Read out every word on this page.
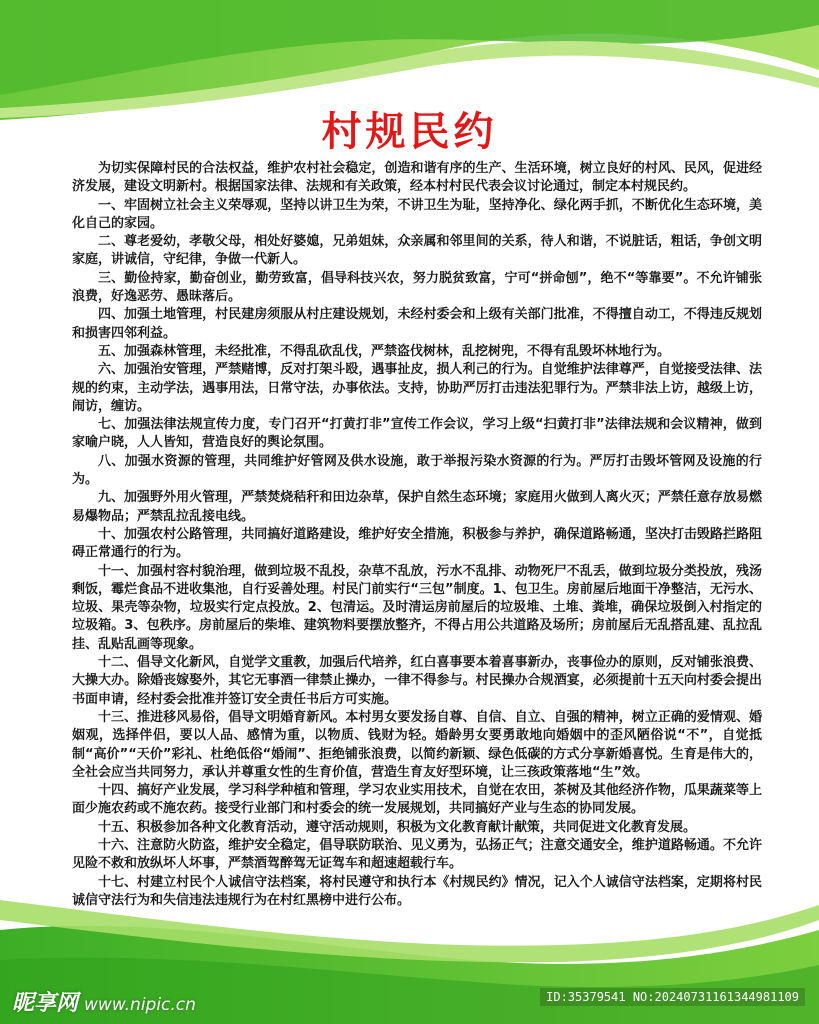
村规民约

为切实保障村民的合法权益，维护农村社会稳定，创造和谐有序的生产、生活环境，树立良好的村风、民风，促进经济发展，建设文明新村。根据国家法律、法规和有关政策，经本村村民代表会议讨论通过，制定本村规民约。

一、牢固树立社会主义荣辱观，坚持以讲卫生为荣，不讲卫生为耻，坚持净化、绿化两手抓，不断优化生态环境，美化自己的家园。

二、尊老爱幼，孝敬父母，相处好婆媳，兄弟姐妹，众亲属和邻里间的关系，待人和谐，不说脏话，粗话，争创文明家庭，讲诚信，守纪律，争做一代新人。

三、勤俭持家，勤奋创业，勤劳致富，倡导科技兴农，努力脱贫致富，宁可“拼命刨”，绝不“等靠要”。不允许铺张浪费，好逸恶劳、愚昧落后。

四、加强土地管理，村民建房须服从村庄建设规划，未经村委会和上级有关部门批准，不得擅自动工，不得违反规划和损害四邻利益。

五、加强森林管理，未经批准，不得乱砍乱伐，严禁盗伐树林，乱挖树兜，不得有乱毁坏林地行为。

六、加强治安管理，严禁赌博，反对打架斗殴，遇事扯皮，损人利己的行为。自觉维护法律尊严，自觉接受法律、法规的约束，主动学法，遇事用法，日常守法，办事依法。支持，协助严厉打击违法犯罪行为。严禁非法上访，越级上访，闹访，缠访。

七、加强法律法规宣传力度，专门召开“打黄打非”宣传工作会议，学习上级“扫黄打非”法律法规和会议精神，做到家喻户晓，人人皆知，营造良好的舆论氛围。

八、加强水资源的管理，共同维护好管网及供水设施，敢于举报污染水资源的行为。严厉打击毁坏管网及设施的行为。

九、加强野外用火管理，严禁焚烧秸秆和田边杂草，保护自然生态环境；家庭用火做到人离火灭；严禁任意存放易燃易爆物品；严禁乱拉乱接电线。

十、加强农村公路管理，共同搞好道路建设，维护好安全措施，积极参与养护，确保道路畅通，坚决打击毁路拦路阻碍正常通行的行为。

十一、加强村容村貌治理，做到垃圾不乱投，杂草不乱放，污水不乱排、动物死尸不乱丢，做到垃圾分类投放，残汤剩饭，霉烂食品不进收集池，自行妥善处理。村民门前实行“三包”制度。1、包卫生。房前屋后地面干净整洁，无污水、垃圾、果壳等杂物，垃圾实行定点投放。2、包清运。及时清运房前屋后的垃圾堆、土堆、粪堆，确保垃圾倒入村指定的垃圾箱。3、包秩序。房前屋后的柴堆、建筑物料要摆放整齐，不得占用公共道路及场所；房前屋后无乱搭乱建、乱拉乱挂、乱贴乱画等现象。

十二、倡导文化新风，自觉学文重教，加强后代培养，红白喜事要本着喜事新办，丧事俭办的原则，反对铺张浪费、大操大办。除婚丧嫁娶外，其它无事酒一律禁止操办，一律不得参与。村民操办合规酒宴，必须提前十五天向村委会提出书面申请，经村委会批准并签订安全责任书后方可实施。

十三、推进移风易俗，倡导文明婚育新风。本村男女要发扬自尊、自信、自立、自强的精神，树立正确的爱情观、婚姻观，选择伴侣，要以人品、感情为重，以物质、钱财为轻。婚龄男女要勇敢地向婚姻中的歪风陋俗说“不”，自觉抵制“高价”“天价”彩礼、杜绝低俗“婚闹”、拒绝铺张浪费，以简约新颖、绿色低碳的方式分享新婚喜悦。生育是伟大的，全社会应当共同努力，承认并尊重女性的生育价值，营造生育友好型环境，让三孩政策落地“生”效。

十四、搞好产业发展，学习科学种植和管理，学习农业实用技术，自觉在农田，茶树及其他经济作物，瓜果蔬菜等上面少施农药或不施农药。接受行业部门和村委会的统一发展规划，共同搞好产业与生态的协同发展。

十五、积极参加各种文化教育活动，遵守活动规则，积极为文化教育献计献策，共同促进文化教育发展。

十六、注意防火防盗，维护安全稳定，倡导联防联治、见义勇为，弘扬正气；注意交通安全，维护道路畅通。不允许见险不救和放纵坏人坏事，严禁酒驾醉驾无证驾车和超速超载行车。

十七、村建立村民个人诚信守法档案，将村民遵守和执行本《村规民约》情况，记入个人诚信守法档案，定期将村民诚信守法行为和失信违法违规行为在村红黑榜中进行公布。

昵享网 www.nipic.cn	ID:35379541 NO:20240731161344981109
